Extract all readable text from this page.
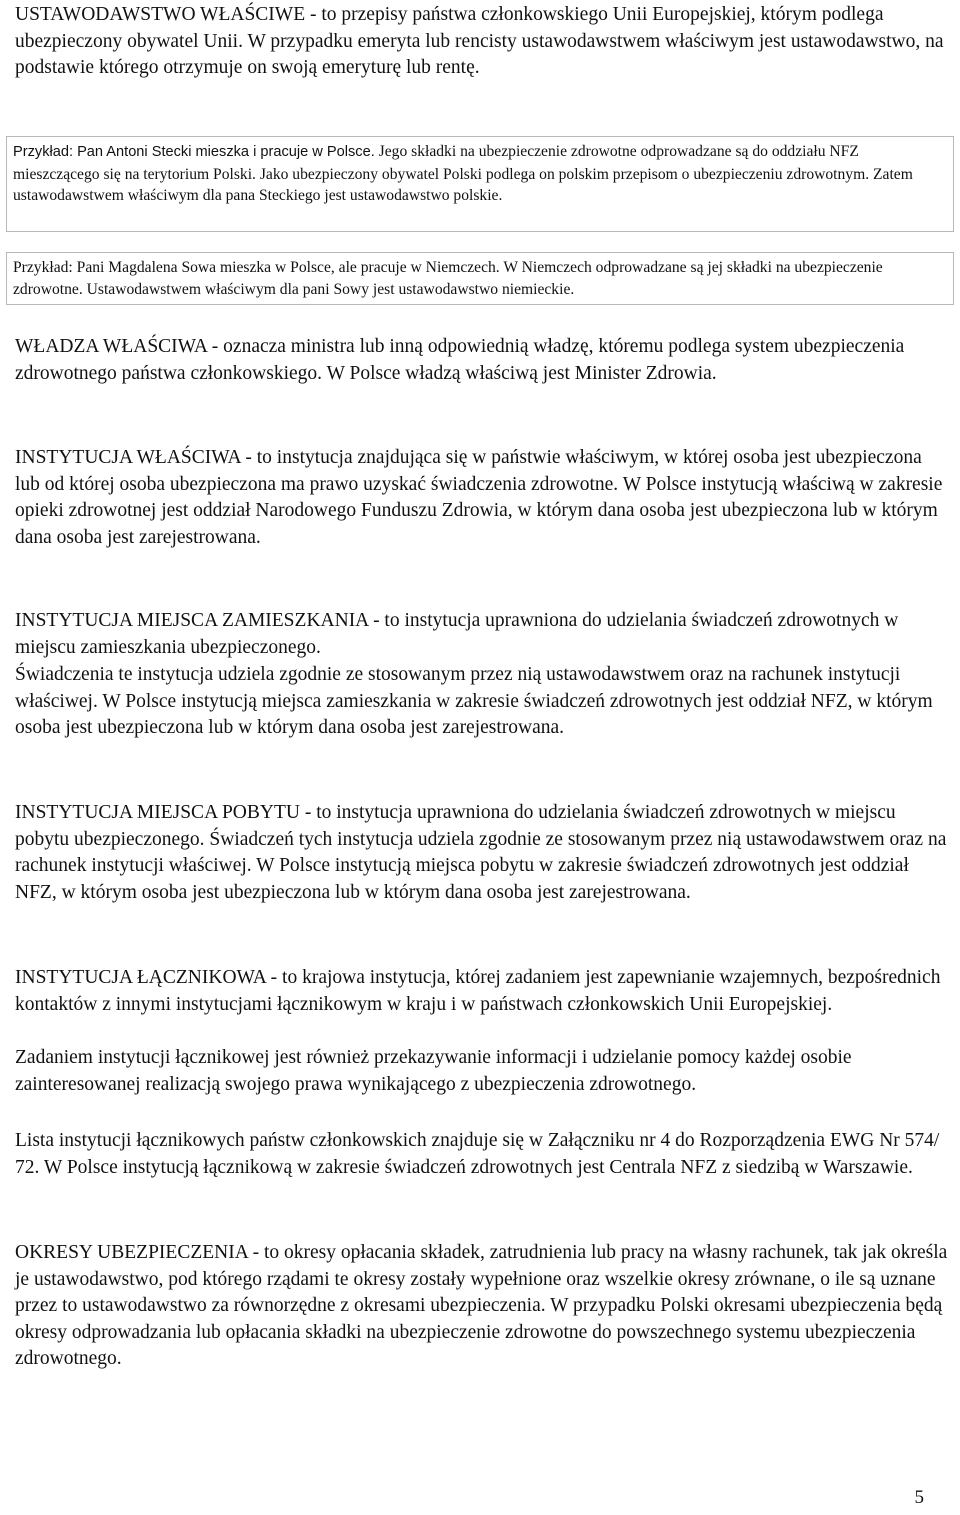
USTAWODAWSTWO WŁAŚCIWE - to przepisy państwa członkowskiego Unii Europejskiej, którym podlega ubezpieczony obywatel Unii. W przypadku emeryta lub rencisty ustawodawstwem właściwym jest ustawodawstwo, na podstawie którego otrzymuje on swoją emeryturę lub rentę.

Przykład: Pan Antoni Stecki mieszka i pracuje w Polsce. Jego składki na ubezpieczenie zdrowotne odprowadzane są do oddziału NFZ mieszczącego się na terytorium Polski. Jako ubezpieczony obywatel Polski podlega on polskim przepisom o ubezpieczeniu zdrowotnym. Zatem ustawodawstwem właściwym dla pana Steckiego jest ustawodawstwo polskie.
Przykład: Pani Magdalena Sowa mieszka w Polsce, ale pracuje w Niemczech. W Niemczech odprowadzane są jej składki na ubezpieczenie zdrowotne. Ustawodawstwem właściwym dla pani Sowy jest ustawodawstwo niemieckie.

WŁADZA WŁAŚCIWA - oznacza ministra lub inną odpowiednią władzę, któremu podlega system ubezpieczenia zdrowotnego państwa członkowskiego. W Polsce władzą właściwą jest Minister Zdrowia.

INSTYTUCJA WŁAŚCIWA - to instytucja znajdująca się w państwie właściwym, w której osoba jest ubezpieczona lub od której osoba ubezpieczona ma prawo uzyskać świadczenia zdrowotne. W Polsce instytucją właściwą w zakresie opieki zdrowotnej jest oddział Narodowego Funduszu Zdrowia, w którym dana osoba jest ubezpieczona lub w którym dana osoba jest zarejestrowana.

INSTYTUCJA MIEJSCA ZAMIESZKANIA - to instytucja uprawniona do udzielania świadczeń zdrowotnych w miejscu zamieszkania ubezpieczonego.

Świadczenia te instytucja udziela zgodnie ze stosowanym przez nią ustawodawstwem oraz na rachunek instytucji właściwej. W Polsce instytucją miejsca zamieszkania w zakresie świadczeń zdrowotnych jest oddział NFZ, w którym osoba jest ubezpieczona lub w którym dana osoba jest zarejestrowana.

INSTYTUCJA MIEJSCA POBYTU - to instytucja uprawniona do udzielania świadczeń zdrowotnych w miejscu pobytu ubezpieczonego. Świadczeń tych instytucja udziela zgodnie ze stosowanym przez nią ustawodawstwem oraz na rachunek instytucji właściwej. W Polsce instytucją miejsca pobytu w zakresie świadczeń zdrowotnych jest oddział NFZ, w którym osoba jest ubezpieczona lub w którym dana osoba jest zarejestrowana.

INSTYTUCJA ŁĄCZNIKOWA - to krajowa instytucja, której zadaniem jest zapewnianie wzajemnych, bezpośrednich kontaktów z innymi instytucjami łącznikowym w kraju i w państwach członkowskich Unii Europejskiej.

Zadaniem instytucji łącznikowej jest również przekazywanie informacji i udzielanie pomocy każdej osobie zainteresowanej realizacją swojego prawa wynikającego z ubezpieczenia zdrowotnego.

Lista instytucji łącznikowych państw członkowskich znajduje się w Załączniku nr 4 do Rozporządzenia EWG Nr 574/ 72. W Polsce instytucją łącznikową w zakresie świadczeń zdrowotnych jest Centrala NFZ z siedzibą w Warszawie.

OKRESY UBEZPIECZENIA - to okresy opłacania składek, zatrudnienia lub pracy na własny rachunek, tak jak określa je ustawodawstwo, pod którego rządami te okresy zostały wypełnione oraz wszelkie okresy zrównane, o ile są uznane przez to ustawodawstwo za równorzędne z okresami ubezpieczenia. W przypadku Polski okresami ubezpieczenia będą okresy odprowadzania lub opłacania składki na ubezpieczenie zdrowotne do powszechnego systemu ubezpieczenia zdrowotnego.

5
